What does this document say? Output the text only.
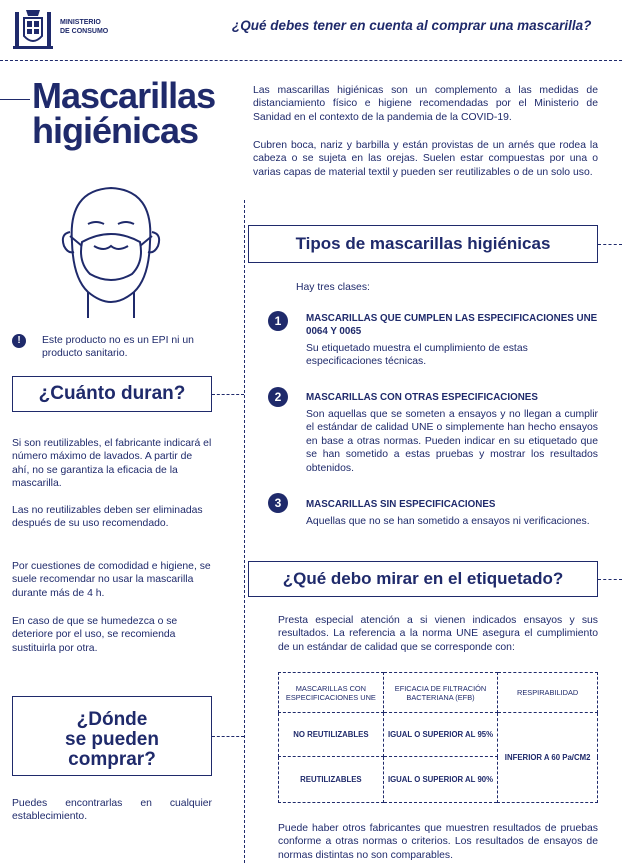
MINISTERIO
DE CONSUMO	¿Qué debes tener en cuenta al comprar una mascarilla?
Mascarillas
higiénicas
Las mascarillas higiénicas son un complemento a las medidas de distanciamiento físico e higiene recomendadas por el Ministerio de Sanidad en el contexto de la pandemia de la COVID-19.
Cubren boca, nariz y barbilla y están provistas de un arnés que rodea la cabeza o se sujeta en las orejas. Suelen estar compuestas por una o varias capas de material textil y pueden ser reutilizables o de un solo uso.
!	Este producto no es un EPI ni un producto sanitario.
¿Cuánto duran?
Si son reutilizables, el fabricante indicará el número máximo de lavados. A partir de ahí, no se garantiza la eficacia de la mascarilla.
Las no reutilizables deben ser eliminadas después de su uso recomendado.
Por cuestiones de comodidad e higiene, se suele recomendar no usar la mascarilla durante más de 4 h.
En caso de que se humedezca o se deteriore por el uso, se recomienda sustituirla por otra.
¿Dónde
se pueden
comprar?
Puedes encontrarlas en cualquier establecimiento.
Tipos de mascarillas higiénicas
Hay tres clases:
1	MASCARILLAS QUE CUMPLEN LAS ESPECIFICACIONES UNE 0064 Y 0065
Su etiquetado muestra el cumplimiento de estas especificaciones técnicas.
2	MASCARILLAS CON OTRAS ESPECIFICACIONES
Son aquellas que se someten a ensayos y no llegan a cumplir el estándar de calidad UNE o simplemente han hecho ensayos en base a otras normas. Pueden indicar en su etiquetado que se han sometido a estas pruebas y mostrar los resultados obtenidos.
3	MASCARILLAS SIN ESPECIFICACIONES
Aquellas que no se han sometido a ensayos ni verificaciones.
¿Qué debo mirar en el etiquetado?
Presta especial atención a si vienen indicados ensayos y sus resultados. La referencia a la norma UNE asegura el cumplimiento de un estándar de calidad que se corresponde con:
MASCARILLAS CON ESPECIFICACIONES UNE	EFICACIA DE FILTRACIÓN BACTERIANA (EFB)	RESPIRABILIDAD
NO REUTILIZABLES	IGUAL O SUPERIOR AL 95%	INFERIOR A 60 Pa/CM2
REUTILIZABLES	IGUAL O SUPERIOR AL 90%	
Puede haber otros fabricantes que muestren resultados de pruebas conforme a otras normas o criterios. Los resultados de ensayos de normas distintas no son comparables.
